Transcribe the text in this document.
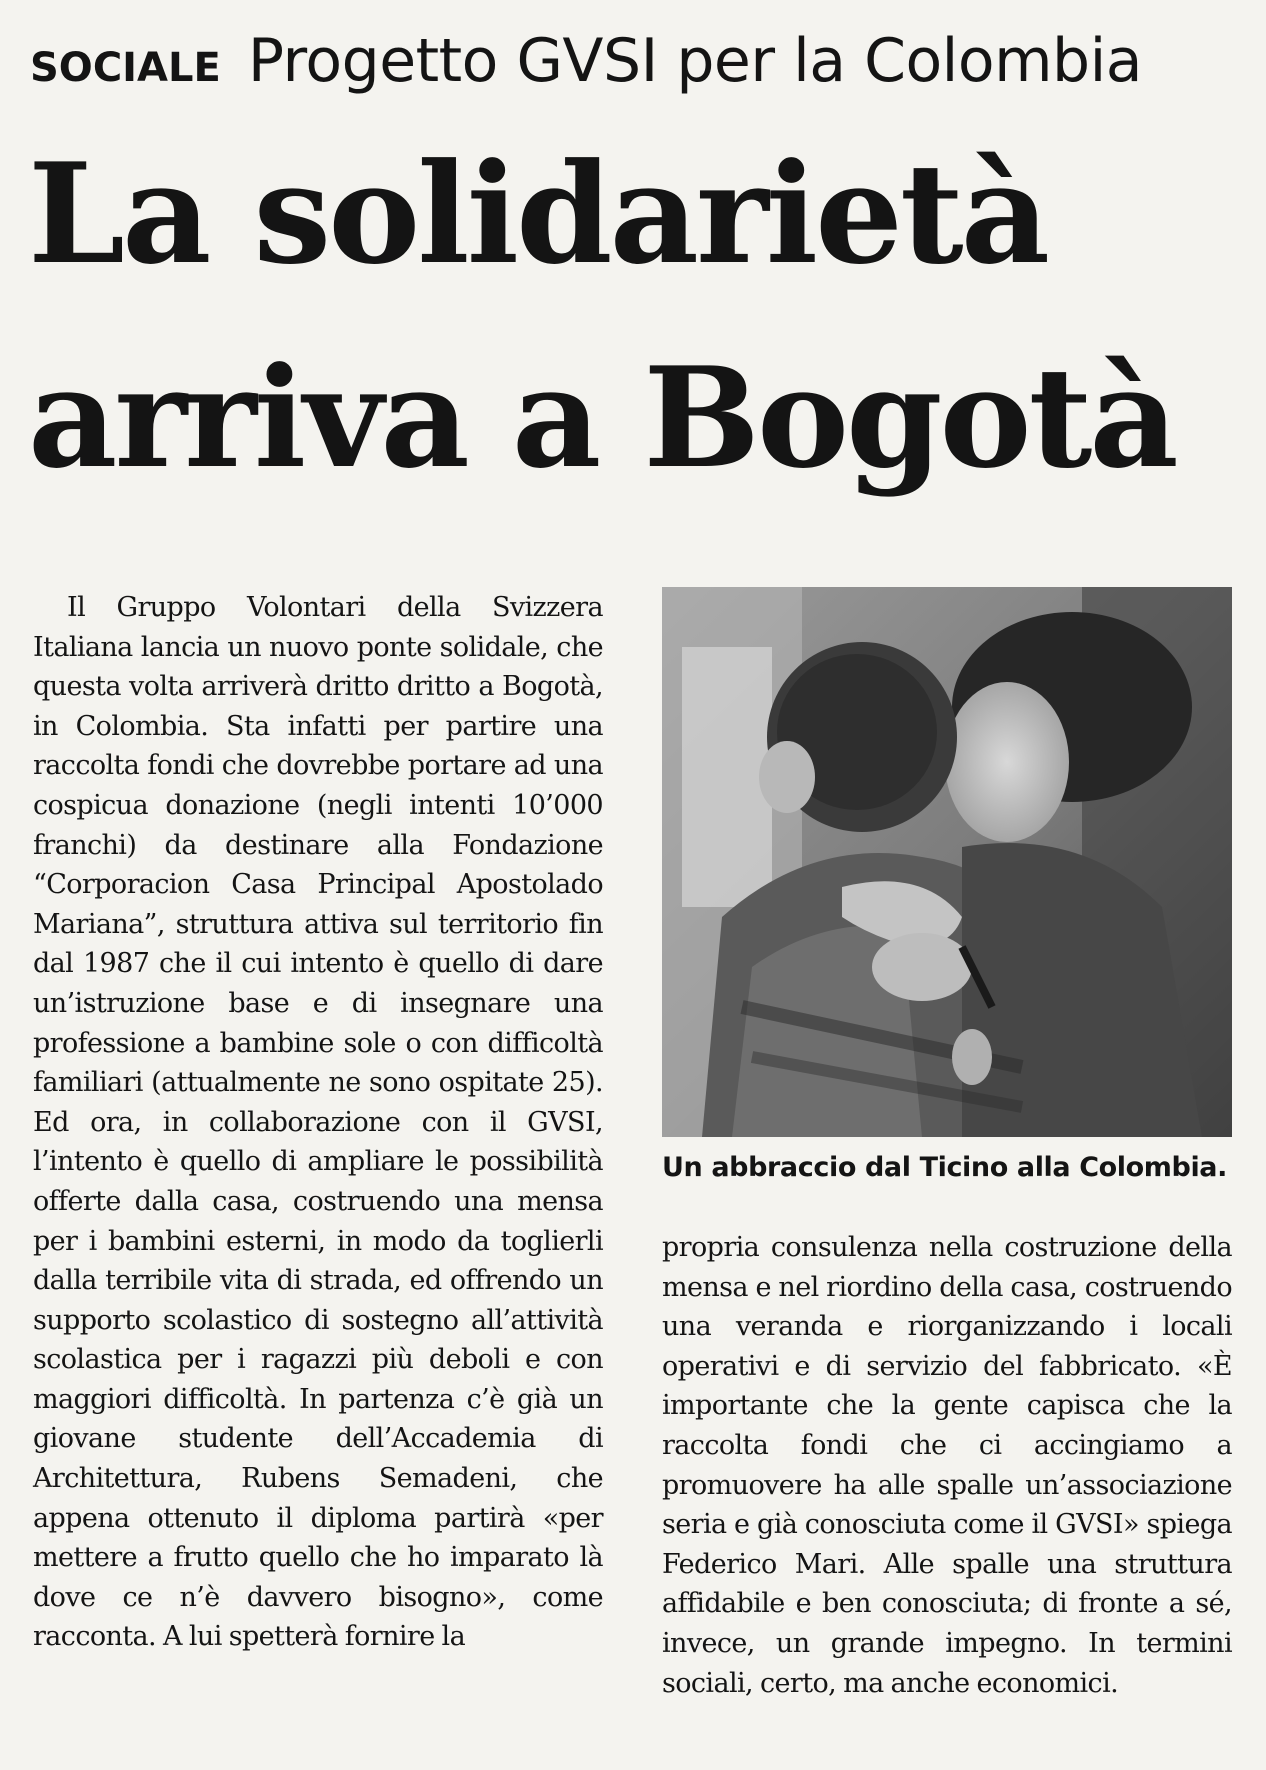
SOCIALE Progetto GVSI per la Colombia
La solidarietà
arriva a Bogotà

Il Gruppo Volontari della Svizzera Italiana lancia un nuovo ponte solidale, che questa volta arriverà dritto dritto a Bogotà, in Colombia. Sta infatti per partire una raccolta fondi che dovrebbe portare ad una cospicua donazione (negli intenti 10’000 franchi) da destinare alla Fondazione “Corporacion Casa Principal Apostolado Mariana”, struttura attiva sul territorio fin dal 1987 che il cui intento è quello di dare un’istruzione base e di insegnare una professione a bambine sole o con difficoltà familiari (attualmente ne sono ospitate 25). Ed ora, in collaborazione con il GVSI, l’intento è quello di ampliare le possibilità offerte dalla casa, costruendo una mensa per i bambini esterni, in modo da toglierli dalla terribile vita di strada, ed offrendo un supporto scolastico di sostegno all’attività scolastica per i ragazzi più deboli e con maggiori difficoltà. In partenza c’è già un giovane studente dell’Accademia di Architettura, Rubens Semadeni, che appena ottenuto il diploma partirà «per mettere a frutto quello che ho imparato là dove ce n’è davvero bisogno», come racconta. A lui spetterà fornire la

Un abbraccio dal Ticino alla Colombia.

propria consulenza nella costruzione della mensa e nel riordino della casa, costruendo una veranda e riorganizzando i locali operativi e di servizio del fabbricato. «È importante che la gente capisca che la raccolta fondi che ci accingiamo a promuovere ha alle spalle un’associazione seria e già conosciuta come il GVSI» spiega Federico Mari. Alle spalle una struttura affidabile e ben conosciuta; di fronte a sé, invece, un grande impegno. In termini sociali, certo, ma anche economici.
